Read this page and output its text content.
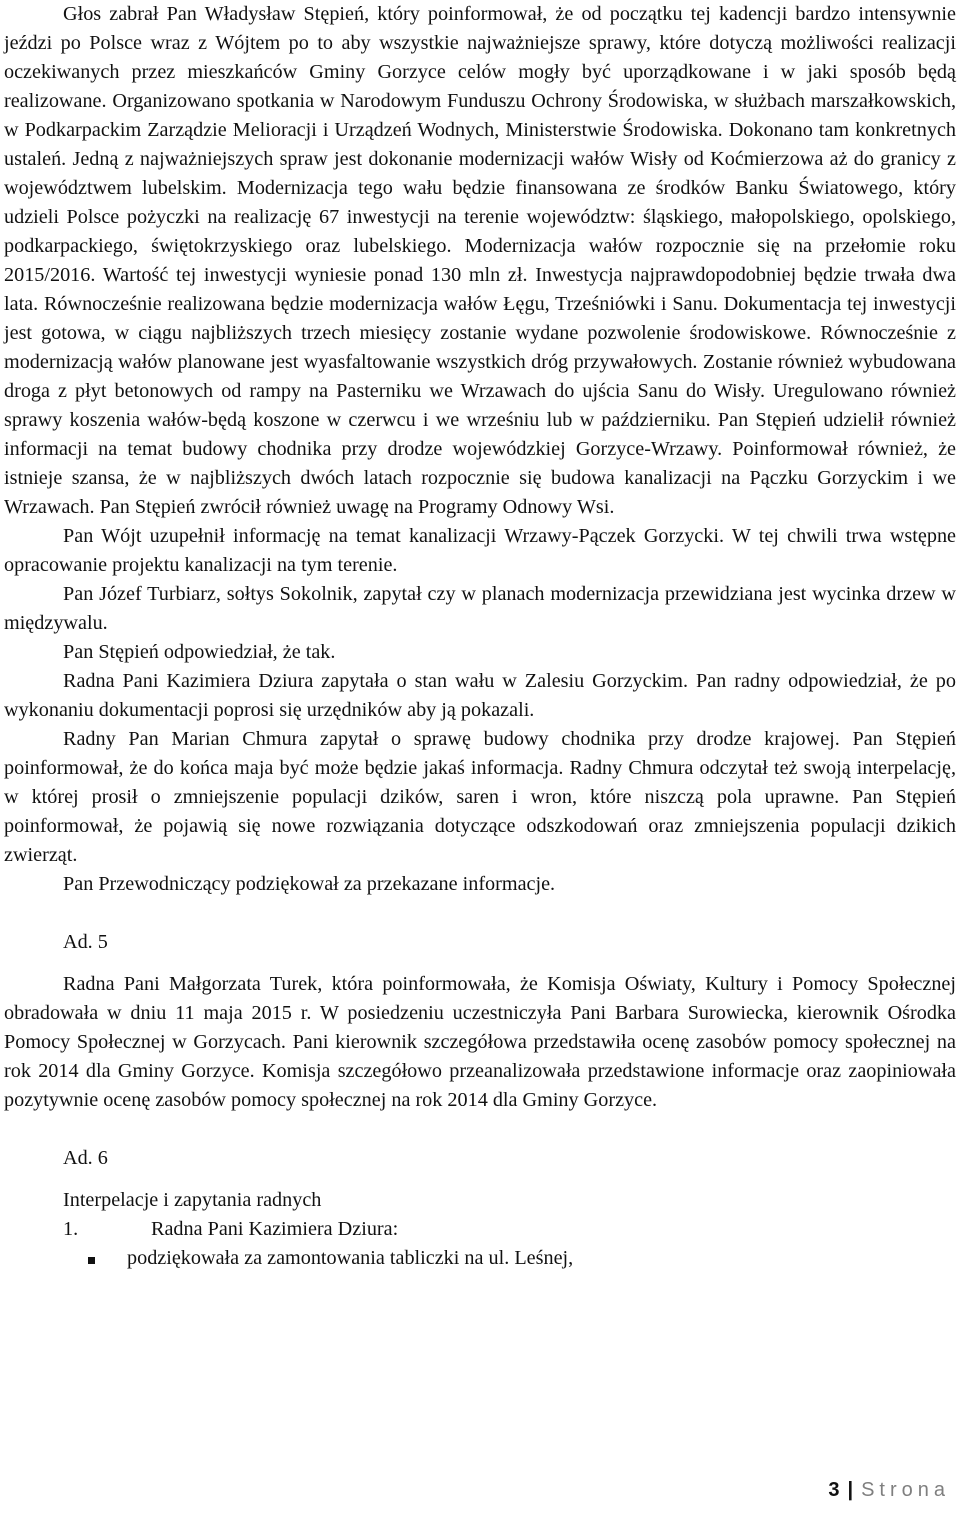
Głos zabrał Pan Władysław Stępień, który poinformował, że od początku tej kadencji bardzo intensywnie jeździ po Polsce wraz z Wójtem po to aby wszystkie najważniejsze sprawy, które dotyczą możliwości realizacji oczekiwanych przez mieszkańców Gminy Gorzyce celów mogły być uporządkowane i w jaki sposób będą realizowane. Organizowano spotkania w Narodowym Funduszu Ochrony Środowiska, w służbach marszałkowskich, w Podkarpackim Zarządzie Melioracji i Urządzeń Wodnych, Ministerstwie Środowiska. Dokonano tam konkretnych ustaleń. Jedną z najważniejszych spraw jest dokonanie modernizacji wałów Wisły od Koćmierzowa aż do granicy z województwem lubelskim. Modernizacja tego wału będzie finansowana ze środków Banku Światowego, który udzieli Polsce pożyczki na realizację 67 inwestycji na terenie województw: śląskiego, małopolskiego, opolskiego, podkarpackiego, świętokrzyskiego oraz lubelskiego. Modernizacja wałów rozpocznie się na przełomie roku 2015/2016. Wartość tej inwestycji wyniesie ponad 130 mln zł. Inwestycja najprawdopodobniej będzie trwała dwa lata. Równocześnie realizowana będzie modernizacja wałów Łęgu, Trześniówki i Sanu. Dokumentacja tej inwestycji jest gotowa, w ciągu najbliższych trzech miesięcy zostanie wydane pozwolenie środowiskowe. Równocześnie z modernizacją wałów planowane jest wyasfaltowanie wszystkich dróg przywałowych. Zostanie również wybudowana droga z płyt betonowych od rampy na Pasterniku we Wrzawach do ujścia Sanu do Wisły. Uregulowano również sprawy koszenia wałów-będą koszone w czerwcu i we wrześniu lub w październiku. Pan Stępień udzielił również informacji na temat budowy chodnika przy drodze wojewódzkiej Gorzyce-Wrzawy. Poinformował również, że istnieje szansa, że w najbliższych dwóch latach rozpocznie się budowa kanalizacji na Pączku Gorzyckim i we Wrzawach. Pan Stępień zwrócił również uwagę na Programy Odnowy Wsi.

Pan Wójt uzupełnił informację na temat kanalizacji Wrzawy-Pączek Gorzycki. W tej chwili trwa wstępne opracowanie projektu kanalizacji na tym terenie.

Pan Józef Turbiarz, sołtys Sokolnik, zapytał czy w planach modernizacja przewidziana jest wycinka drzew w międzywalu.

Pan Stępień odpowiedział, że tak.

Radna Pani Kazimiera Dziura zapytała o stan wału w Zalesiu Gorzyckim. Pan radny odpowiedział, że po wykonaniu dokumentacji poprosi się urzędników aby ją pokazali.

Radny Pan Marian Chmura zapytał o sprawę budowy chodnika przy drodze krajowej. Pan Stępień poinformował, że do końca maja być może będzie jakaś informacja. Radny Chmura odczytał też swoją interpelację, w której prosił o zmniejszenie populacji dzików, saren i wron, które niszczą pola uprawne. Pan Stępień poinformował, że pojawią się nowe rozwiązania dotyczące odszkodowań oraz zmniejszenia populacji dzikich zwierząt.

Pan Przewodniczący podziękował za przekazane informacje.

Ad. 5

Radna Pani Małgorzata Turek, która poinformowała, że Komisja Oświaty, Kultury i Pomocy Społecznej obradowała w dniu 11 maja 2015 r. W posiedzeniu uczestniczyła Pani Barbara Surowiecka, kierownik Ośrodka Pomocy Społecznej w Gorzycach. Pani kierownik szczegółowa przedstawiła ocenę zasobów pomocy społecznej na rok 2014 dla Gminy Gorzyce. Komisja szczegółowo przeanalizowała przedstawione informacje oraz zaopiniowała pozytywnie ocenę zasobów pomocy społecznej na rok 2014 dla Gminy Gorzyce.

Ad. 6

Interpelacje i zapytania radnych

1.	Radna Pani Kazimiera Dziura:
podziękowała za zamontowania tabliczki na ul. Leśnej,
3 | Strona
